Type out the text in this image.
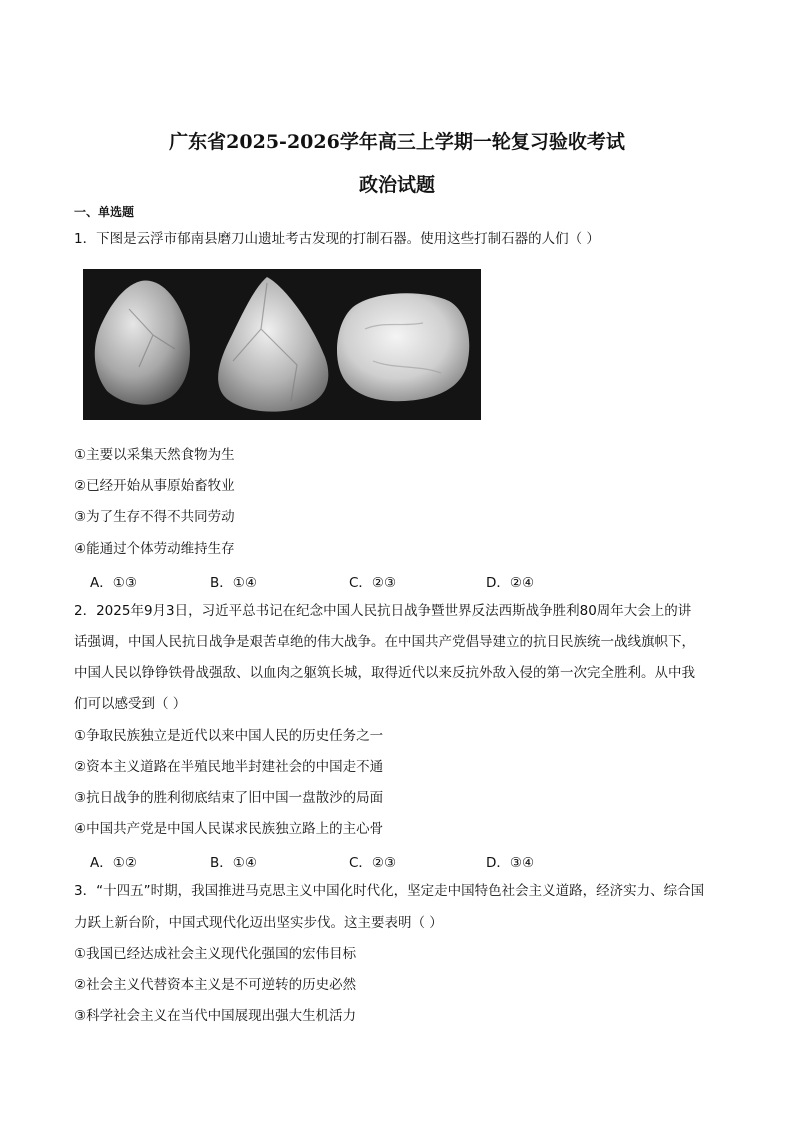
广东省2025-2026学年高三上学期一轮复习验收考试
政治试题
一、单选题
1．下图是云浮市郁南县磨刀山遗址考古发现的打制石器。使用这些打制石器的人们（ ）
①主要以采集天然食物为生
②已经开始从事原始畜牧业
③为了生存不得不共同劳动
④能通过个体劳动维持生存
A．①③	B．①④	C．②③	D．②④
2．2025年9月3日，习近平总书记在纪念中国人民抗日战争暨世界反法西斯战争胜利80周年大会上的讲
话强调，中国人民抗日战争是艰苦卓绝的伟大战争。在中国共产党倡导建立的抗日民族统一战线旗帜下，
中国人民以铮铮铁骨战强敌、以血肉之躯筑长城，取得近代以来反抗外敌入侵的第一次完全胜利。从中我
们可以感受到（ ）
①争取民族独立是近代以来中国人民的历史任务之一
②资本主义道路在半殖民地半封建社会的中国走不通
③抗日战争的胜利彻底结束了旧中国一盘散沙的局面
④中国共产党是中国人民谋求民族独立路上的主心骨
A．①②	B．①④	C．②③	D．③④
3．“十四五”时期，我国推进马克思主义中国化时代化，坚定走中国特色社会主义道路，经济实力、综合国
力跃上新台阶，中国式现代化迈出坚实步伐。这主要表明（ ）
①我国已经达成社会主义现代化强国的宏伟目标
②社会主义代替资本主义是不可逆转的历史必然
③科学社会主义在当代中国展现出强大生机活力
